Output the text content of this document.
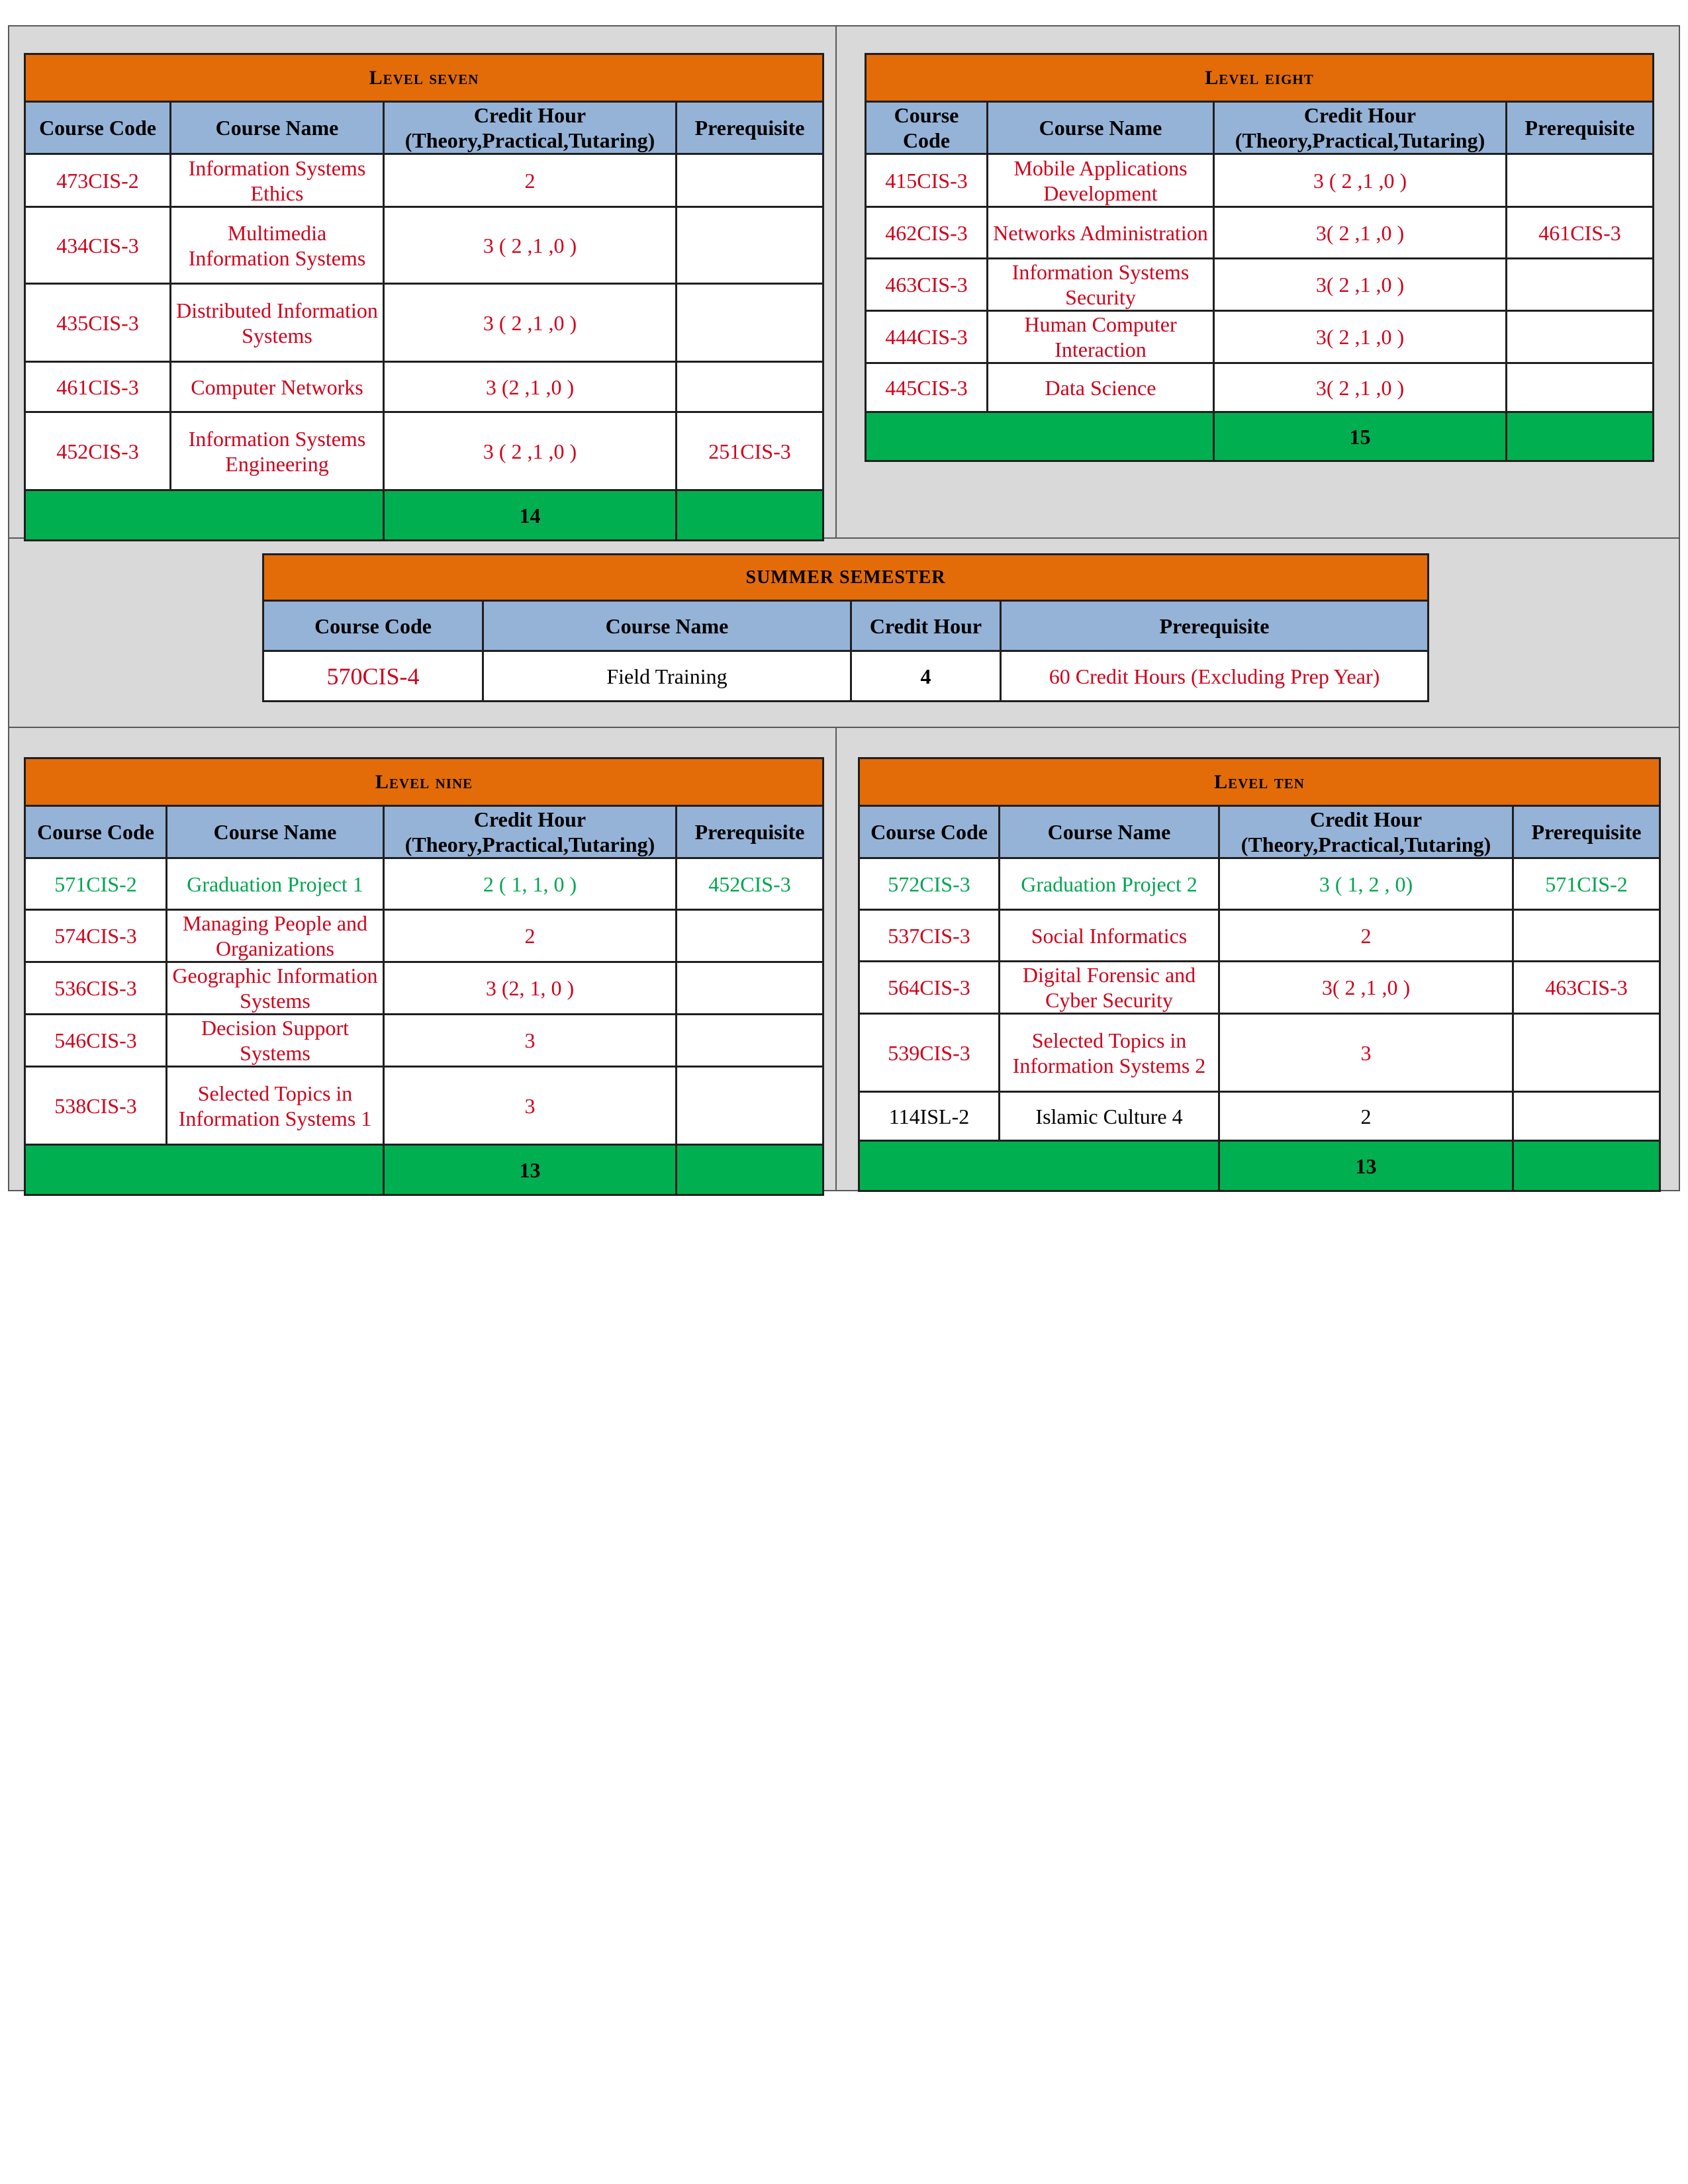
Level seven			
Course Code	Course Name	Credit Hour (Theory,Practical,Tutaring)	Prerequisite
473CIS-2	Information Systems Ethics	2	
434CIS-3	Multimedia Information Systems	3 ( 2 ,1 ,0 )	
435CIS-3	Distributed Information Systems	3 ( 2 ,1 ,0 )	
461CIS-3	Computer Networks	3 (2 ,1 ,0 )	
452CIS-3	Information Systems Engineering	3 ( 2 ,1 ,0 )	251CIS-3
		14	
Level eight			
Course Code	Course Name	Credit Hour (Theory,Practical,Tutaring)	Prerequisite
415CIS-3	Mobile Applications Development	3 ( 2 ,1 ,0 )	
462CIS-3	Networks Administration	3( 2 ,1 ,0 )	461CIS-3
463CIS-3	Information Systems Security	3( 2 ,1 ,0 )	
444CIS-3	Human Computer Interaction	3( 2 ,1 ,0 )	
445CIS-3	Data Science	3( 2 ,1 ,0 )	
		15	
SUMMER SEMESTER			
Course Code	Course Name	Credit Hour	Prerequisite
570CIS-4	Field Training	4	60 Credit Hours (Excluding Prep Year)
Level nine			
Course Code	Course Name	Credit Hour (Theory,Practical,Tutaring)	Prerequisite
571CIS-2	Graduation Project 1	2 ( 1, 1, 0 )	452CIS-3
574CIS-3	Managing People and Organizations	2	
536CIS-3	Geographic Information Systems	3 (2, 1, 0 )	
546CIS-3	Decision Support Systems	3	
538CIS-3	Selected Topics in Information Systems 1	3	
		13	
Level ten			
Course Code	Course Name	Credit Hour (Theory,Practical,Tutaring)	Prerequisite
572CIS-3	Graduation Project 2	3 ( 1, 2 , 0)	571CIS-2
537CIS-3	Social Informatics	2	
564CIS-3	Digital Forensic and Cyber Security	3( 2 ,1 ,0 )	463CIS-3
539CIS-3	Selected Topics in Information Systems 2	3	
114ISL-2	Islamic Culture 4	2	
		13	
